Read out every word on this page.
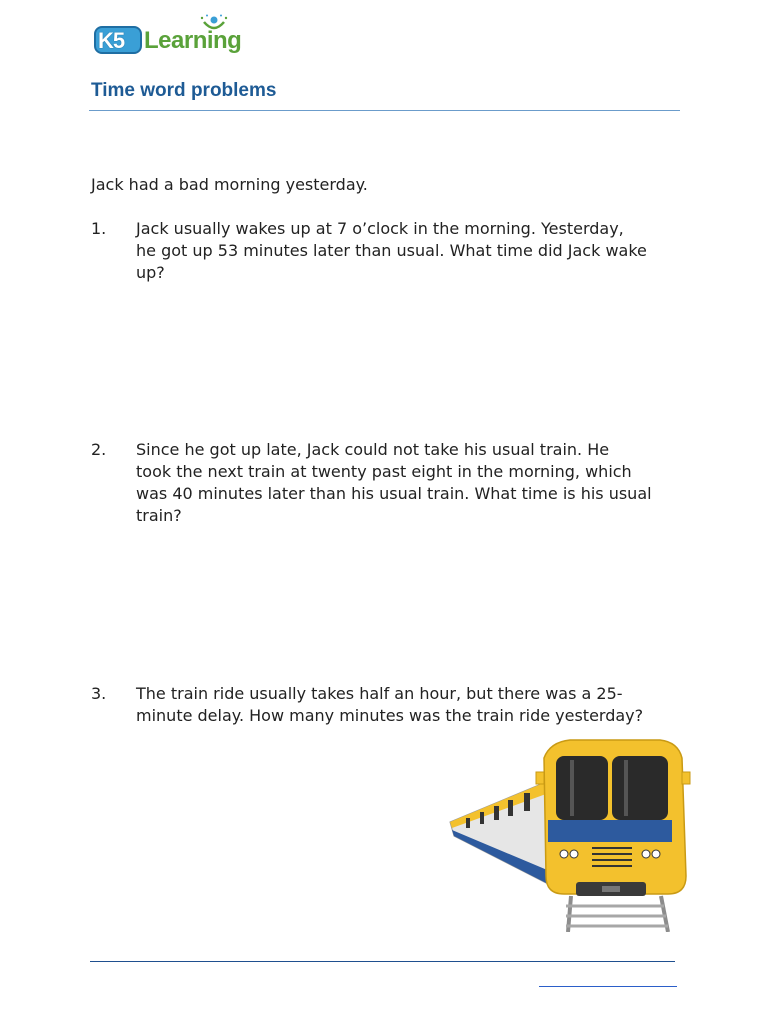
K5 Learning
Time word problems
Jack had a bad morning yesterday.
1. Jack usually wakes up at 7 o’clock in the morning. Yesterday,
he got up 53 minutes later than usual. What time did Jack wake
up?
2. Since he got up late, Jack could not take his usual train. He
took the next train at twenty past eight in the morning, which
was 40 minutes later than his usual train. What time is his usual
train?
3. The train ride usually takes half an hour, but there was a 25-
minute delay. How many minutes was the train ride yesterday?
